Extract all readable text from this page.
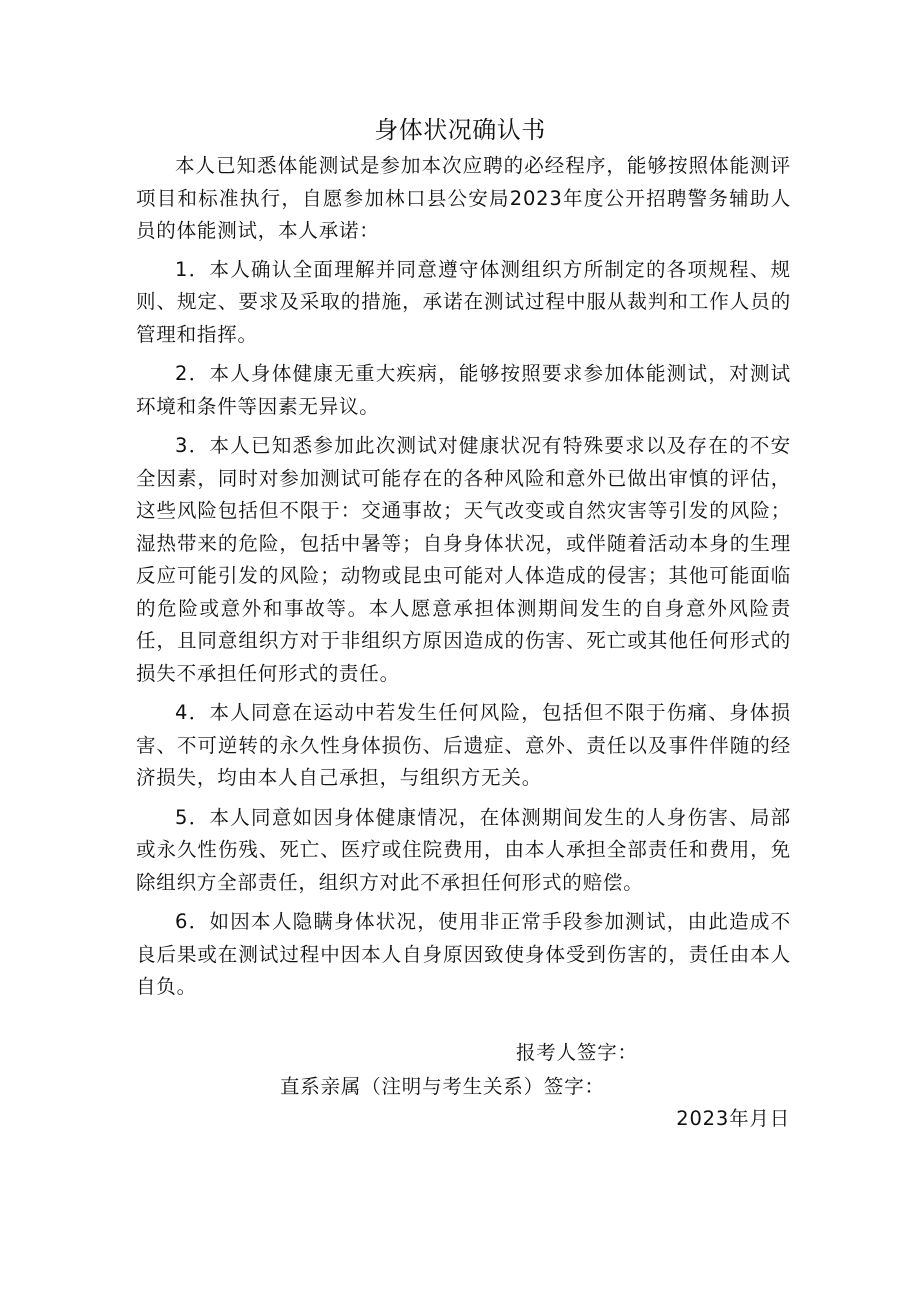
身体状况确认书

本人已知悉体能测试是参加本次应聘的必经程序，能够按照体能测评项目和标准执行，自愿参加林口县公安局2023年度公开招聘警务辅助人员的体能测试，本人承诺：

1．本人确认全面理解并同意遵守体测组织方所制定的各项规程、规则、规定、要求及采取的措施，承诺在测试过程中服从裁判和工作人员的管理和指挥。

2．本人身体健康无重大疾病，能够按照要求参加体能测试，对测试环境和条件等因素无异议。

3．本人已知悉参加此次测试对健康状况有特殊要求以及存在的不安全因素，同时对参加测试可能存在的各种风险和意外已做出审慎的评估，这些风险包括但不限于：交通事故；天气改变或自然灾害等引发的风险；湿热带来的危险，包括中暑等；自身身体状况，或伴随着活动本身的生理反应可能引发的风险；动物或昆虫可能对人体造成的侵害；其他可能面临的危险或意外和事故等。本人愿意承担体测期间发生的自身意外风险责任，且同意组织方对于非组织方原因造成的伤害、死亡或其他任何形式的损失不承担任何形式的责任。

4．本人同意在运动中若发生任何风险，包括但不限于伤痛、身体损害、不可逆转的永久性身体损伤、后遗症、意外、责任以及事件伴随的经济损失，均由本人自己承担，与组织方无关。

5．本人同意如因身体健康情况，在体测期间发生的人身伤害、局部或永久性伤残、死亡、医疗或住院费用，由本人承担全部责任和费用，免除组织方全部责任，组织方对此不承担任何形式的赔偿。

6．如因本人隐瞒身体状况，使用非正常手段参加测试，由此造成不良后果或在测试过程中因本人自身原因致使身体受到伤害的，责任由本人自负。

报考人签字：
直系亲属（注明与考生关系）签字：
2023年月日
